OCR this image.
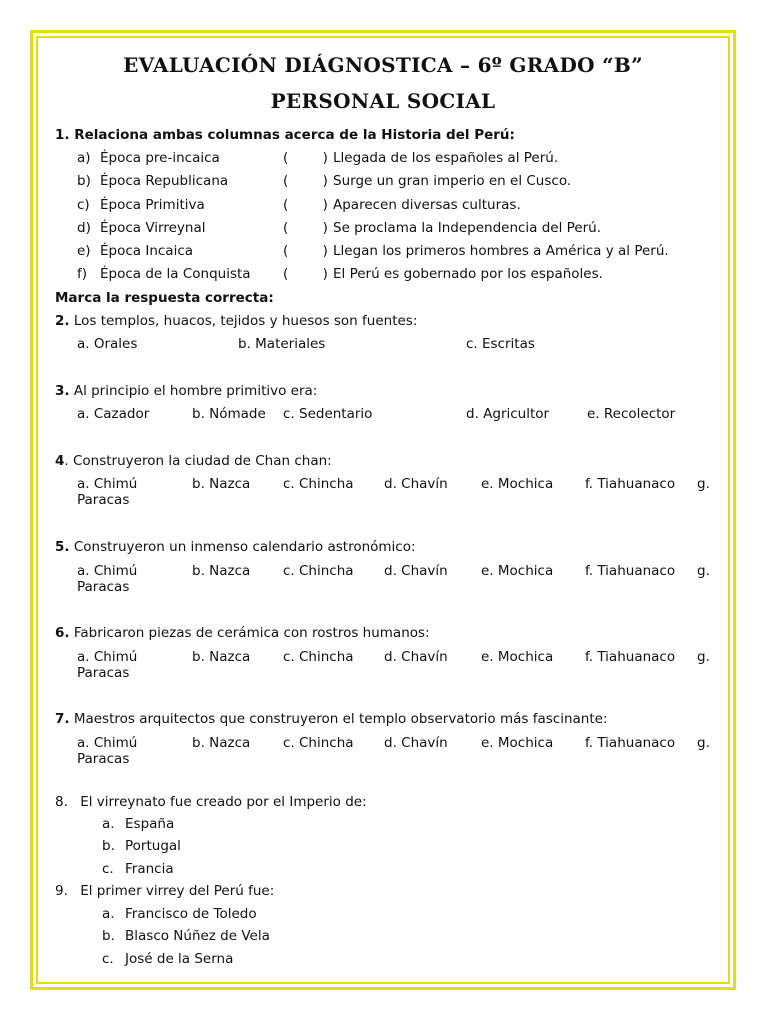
EVALUACIÓN DIÁGNOSTICA – 6º GRADO “B”
PERSONAL SOCIAL
1. Relaciona ambas columnas acerca de la Historia del Perú:
a) Época pre-incaica	(        ) Llegada de los españoles al Perú.
b) Época Republicana	(        ) Surge un gran imperio en el Cusco.
c) Época Primitiva	(        ) Aparecen diversas culturas.
d) Época Virreynal	(        ) Se proclama la Independencia del Perú.
e) Época Incaica	(        ) Llegan los primeros hombres a América y al Perú.
f) Época de la Conquista (        ) El Perú es gobernado por los españoles.
Marca la respuesta correcta:
2. Los templos, huacos, tejidos y huesos son fuentes:
a. Orales	b. Materiales	c. Escritas
3. Al principio el hombre primitivo era:
a. Cazador	b. Nómade c. Sedentario	d. Agricultor	e. Recolector
4. Construyeron la ciudad de Chan chan:
a. Chimú	b. Nazca c. Chincha d. Chavín e. Mochica f. Tiahuanaco g.
Paracas
5. Construyeron un inmenso calendario astronómico:
a. Chimú	b. Nazca c. Chincha d. Chavín e. Mochica f. Tiahuanaco g.
Paracas
6. Fabricaron piezas de cerámica con rostros humanos:
a. Chimú	b. Nazca c. Chincha d. Chavín e. Mochica f. Tiahuanaco g.
Paracas
7. Maestros arquitectos que construyeron el templo observatorio más fascinante:
a. Chimú	b. Nazca c. Chincha d. Chavín e. Mochica f. Tiahuanaco g.
Paracas
8. El virreynato fue creado por el Imperio de:
a. España
b. Portugal
c. Francia
9. El primer virrey del Perú fue:
a. Francisco de Toledo
b. Blasco Núñez de Vela
c. José de la Serna
